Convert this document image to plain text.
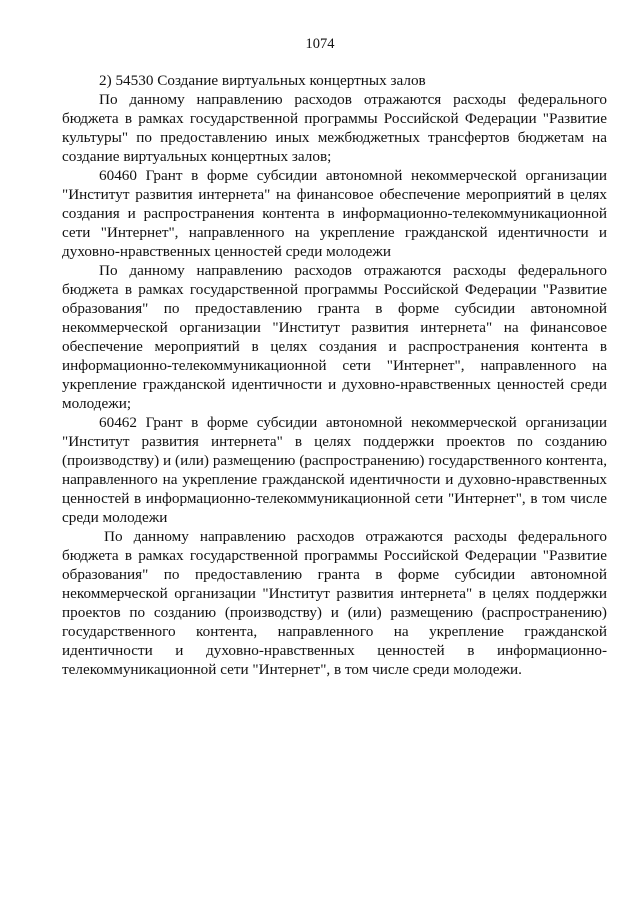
1074

2) 54530 Создание виртуальных концертных залов

По данному направлению расходов отражаются расходы федерального бюджета в рамках государственной программы Российской Федерации "Развитие культуры" по предоставлению иных межбюджетных трансфертов бюджетам на создание виртуальных концертных залов;

60460 Грант в форме субсидии автономной некоммерческой организации "Институт развития интернета" на финансовое обеспечение мероприятий в целях создания и распространения контента в информационно-телекоммуникационной сети "Интернет", направленного на укрепление гражданской идентичности и духовно-нравственных ценностей среди молодежи

По данному направлению расходов отражаются расходы федерального бюджета в рамках государственной программы Российской Федерации "Развитие образования" по предоставлению гранта в форме субсидии автономной некоммерческой организации "Институт развития интернета" на финансовое обеспечение мероприятий в целях создания и распространения контента в информационно-телекоммуникационной сети "Интернет", направленного на укрепление гражданской идентичности и духовно-нравственных ценностей среди молодежи;

60462 Грант в форме субсидии автономной некоммерческой организации "Институт развития интернета" в целях поддержки проектов по созданию (производству) и (или) размещению (распространению) государственного контента, направленного на укрепление гражданской идентичности и духовно-нравственных ценностей в информационно-телекоммуникационной сети "Интернет", в том числе среди молодежи

По данному направлению расходов отражаются расходы федерального бюджета в рамках государственной программы Российской Федерации "Развитие образования" по предоставлению гранта в форме субсидии автономной некоммерческой организации "Институт развития интернета" в целях поддержки проектов по созданию (производству) и (или) размещению (распространению) государственного контента, направленного на укрепление гражданской идентичности и духовно-нравственных ценностей в информационно-телекоммуникационной сети "Интернет", в том числе среди молодежи.
